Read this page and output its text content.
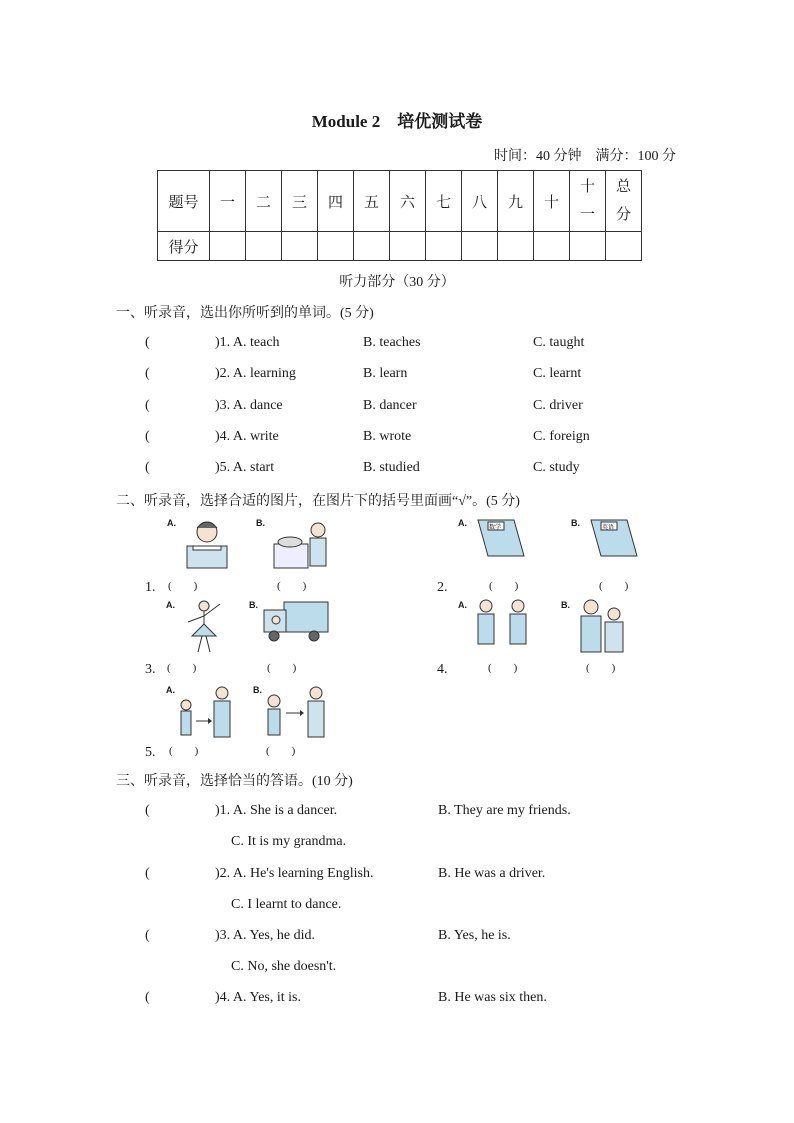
Module 2　培优测试卷
时间：40 分钟　满分：100 分
题号	一	二	三	四	五	六	七	八	九	十	十一	总分
得分												
听力部分（30 分）
一、听录音，选出你所听到的单词。(5 分)
(	)1. A. teach	B. teaches	C. taught
(	)2. A. learning	B. learn	C. learnt
(	)3. A. dance	B. dancer	C. driver
(	)4. A. write	B. wrote	C. foreign
(	)5. A. start	B. studied	C. study
二、听录音，选择合适的图片，在图片下的括号里面画“√”。(5 分)
A.	B.
1. (　　)	(　　)
A.	数学	B.	英语
2.	(　　)	(　　)
A.	B.
3. (　　)	(　　)
A.	B.
4.	(　　)	(　　)
A.	B.
5. (　　)	(　　)
三、听录音，选择恰当的答语。(10 分)
(	)1. A. She is a dancer.	B. They are my friends.
C. It is my grandma.
(	)2. A. He's learning English.	B. He was a driver.
C. I learnt to dance.
(	)3. A. Yes, he did.	B. Yes, he is.
C. No, she doesn't.
(	)4. A. Yes, it is.	B. He was six then.
